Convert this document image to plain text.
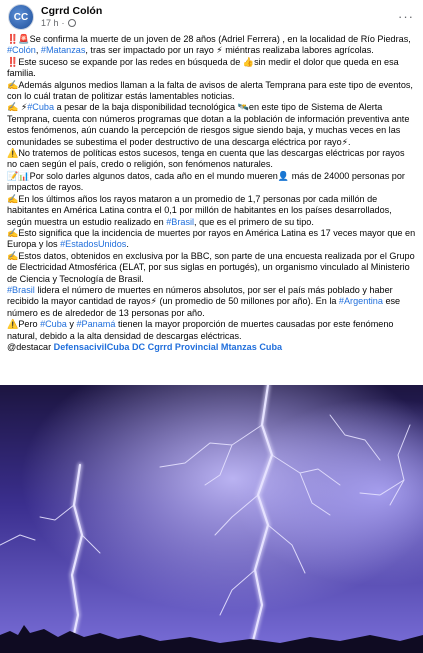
CC Cgrrd Colón
17 h ·	···

‼️🚨Se confirma la muerte de un joven de 28 años (Adriel Ferrera) , en la localidad de Río Piedras, #Colón, #Matanzas, tras ser impactado por un rayo ⚡ miéntras realizaba labores agrícolas.

‼️Este suceso se expande por las redes en búsqueda de 👍sin medir el dolor que queda en esa familia.

✍️Además algunos medios llaman a la falta de avisos de alerta Temprana para este tipo de eventos, con lo cuál tratan de politizar estás lamentables noticias.

✍️ ⚡#Cuba a pesar de la baja disponibilidad tecnológica 🛰️en este tipo de Sistema de Alerta Temprana, cuenta con números programas que dotan a la población de información preventiva ante estos fenómenos, aún cuando la percepción de riesgos sigue siendo baja, y muchas veces en las comunidades se subestima el poder destructivo de una descarga eléctrica por rayo⚡.

⚠️No tratemos de políticas estos sucesos, tenga en cuenta que las descargas eléctricas por rayos no caen según el país, credo o religión, son fenómenos naturales.

📝📊Por solo darles algunos datos, cada año en el mundo mueren👤 más de 24000 personas por impactos de rayos.

✍️En los últimos años los rayos mataron a un promedio de 1,7 personas por cada millón de habitantes en América Latina contra el 0,1 por millón de habitantes en los países desarrollados, según muestra un estudio realizado en #Brasil, que es el primero de su tipo.

✍️Esto significa que la incidencia de muertes por rayos en América Latina es 17 veces mayor que en Europa y los #EstadosUnidos.

✍️Estos datos, obtenidos en exclusiva por la BBC, son parte de una encuesta realizada por el Grupo de Electricidad Atmosférica (ELAT, por sus siglas en portugés), un organismo vinculado al Ministerio de Ciencia y Tecnología de Brasil.

#Brasil lidera el número de muertes en números absolutos, por ser el país más poblado y haber recibido la mayor cantidad de rayos⚡ (un promedio de 50 millones por año). En la #Argentina ese número es de alrededor de 13 personas por año.

⚠️Pero #Cuba y #Panamá tienen la mayor proporción de muertes causadas por este fenómeno natural, debido a la alta densidad de descargas eléctricas.

@destacar DefensacivilCuba DC Cgrrd Provincial Mtanzas Cuba
